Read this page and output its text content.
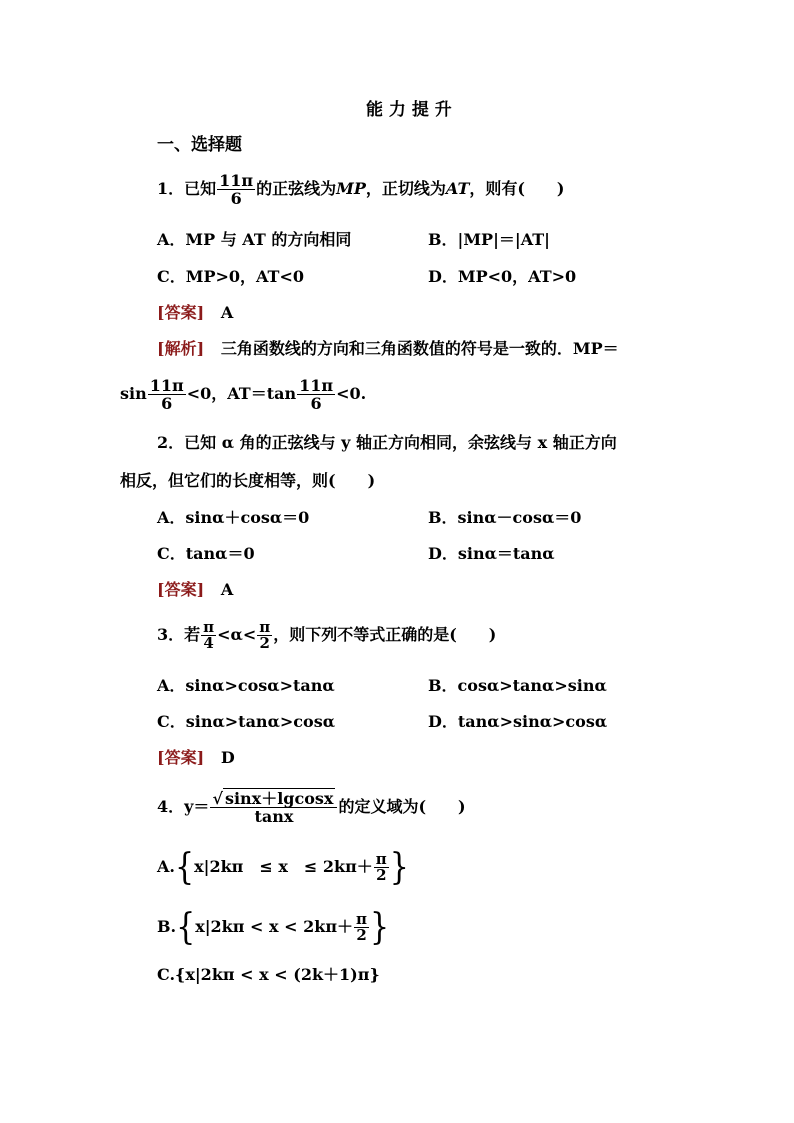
能 力 提 升
一、选择题
1．已知 $\frac{11\pi}{6}$ 的正弦线为MP，正切线为AT，则有(　　)
A．MP 与 AT 的方向相同	B．|MP|＝|AT|
C．MP>0，AT<0	D．MP<0，AT>0
[答案] A
[解析] 三角函数线的方向和三角函数值的符号是一致的．MP＝
$\sin \frac{11\pi}{6} <0$，$AT=\tan \frac{11\pi}{6} <0$.
2．已知 α 角的正弦线与 y 轴正方向相同，余弦线与 x 轴正方向
相反，但它们的长度相等，则(　　)
A．sinα＋cosα＝0	B．sinα－cosα＝0
C．tanα＝0	D．sinα＝tanα
[答案] A
3．若 $\frac{\pi}{4} <\alpha< \frac{\pi}{2}$ ，则下列不等式正确的是(　　)
A．sinα>cosα>tanα	B．cosα>tanα>sinα
C．sinα>tanα>cosα	D．tanα>sinα>cosα
[答案] D
4．$y= \frac{√ \sin x+lgcosx}{\tan x}$ 的定义域为(　　)
A.{x|2kπ　≤ x　≤ $2k\pi+ \frac{\pi}{2}$ }
$B.\{x|2k\pi < x < 2k\pi+ \frac{\pi}{2}$ }
C.{x|2kπ < x < (2k＋1)π}
